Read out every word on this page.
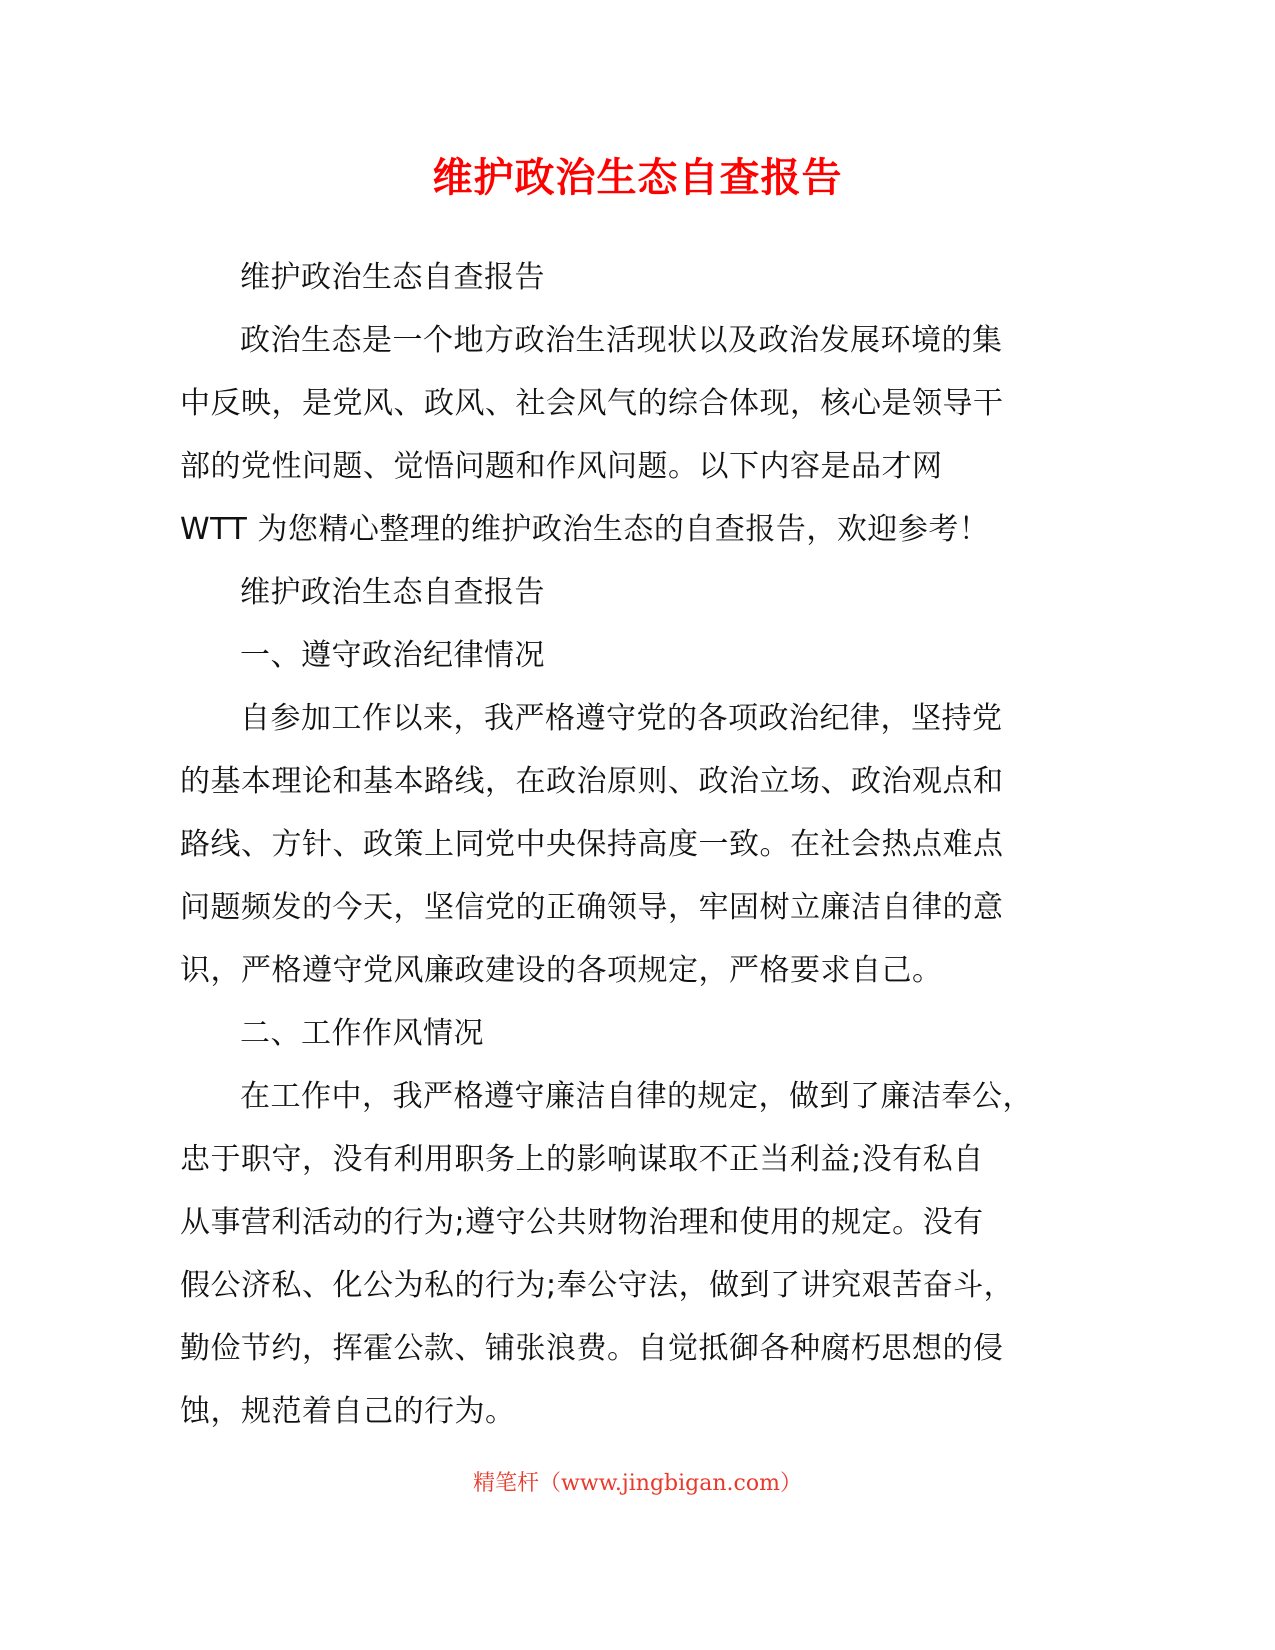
维护政治生态自查报告
维护政治生态自查报告
政治生态是一个地方政治生活现状以及政治发展环境的集
中反映，是党风、政风、社会风气的综合体现，核心是领导干
部的党性问题、觉悟问题和作风问题。以下内容是品才网
WTT 为您精心整理的维护政治生态的自查报告，欢迎参考！
维护政治生态自查报告
一、遵守政治纪律情况
自参加工作以来，我严格遵守党的各项政治纪律，坚持党
的基本理论和基本路线，在政治原则、政治立场、政治观点和
路线、方针、政策上同党中央保持高度一致。在社会热点难点
问题频发的今天，坚信党的正确领导，牢固树立廉洁自律的意
识，严格遵守党风廉政建设的各项规定，严格要求自己。
二、工作作风情况
在工作中，我严格遵守廉洁自律的规定，做到了廉洁奉公，
忠于职守，没有利用职务上的影响谋取不正当利益;没有私自
从事营利活动的行为;遵守公共财物治理和使用的规定。没有
假公济私、化公为私的行为;奉公守法，做到了讲究艰苦奋斗，
勤俭节约，挥霍公款、铺张浪费。自觉抵御各种腐朽思想的侵
蚀，规范着自己的行为。
精笔杆（www.jingbigan.com）
